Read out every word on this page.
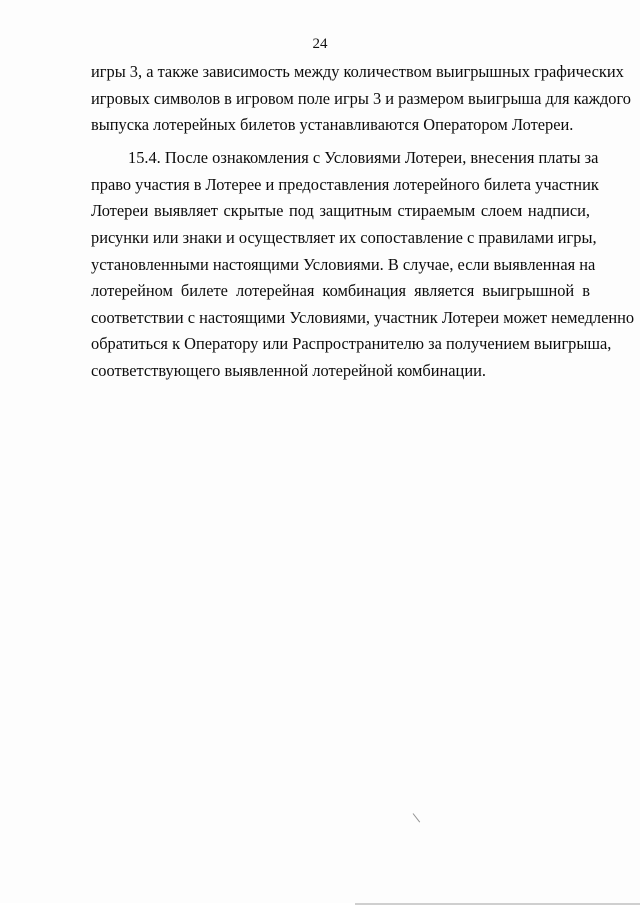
24
игры 3, а также зависимость между количеством выигрышных графических
игровых символов в игровом поле игры 3 и размером выигрыша для каждого
выпуска лотерейных билетов устанавливаются Оператором Лотереи.
15.4. После ознакомления с Условиями Лотереи, внесения платы за
право участия в Лотерее и предоставления лотерейного билета участник
Лотереи выявляет скрытые под защитным стираемым слоем надписи,
рисунки или знаки и осуществляет их сопоставление с правилами игры,
установленными настоящими Условиями. В случае, если выявленная на
лотерейном билете лотерейная комбинация является выигрышной в
соответствии с настоящими Условиями, участник Лотереи может немедленно
обратиться к Оператору или Распространителю за получением выигрыша,
соответствующего выявленной лотерейной комбинации.
